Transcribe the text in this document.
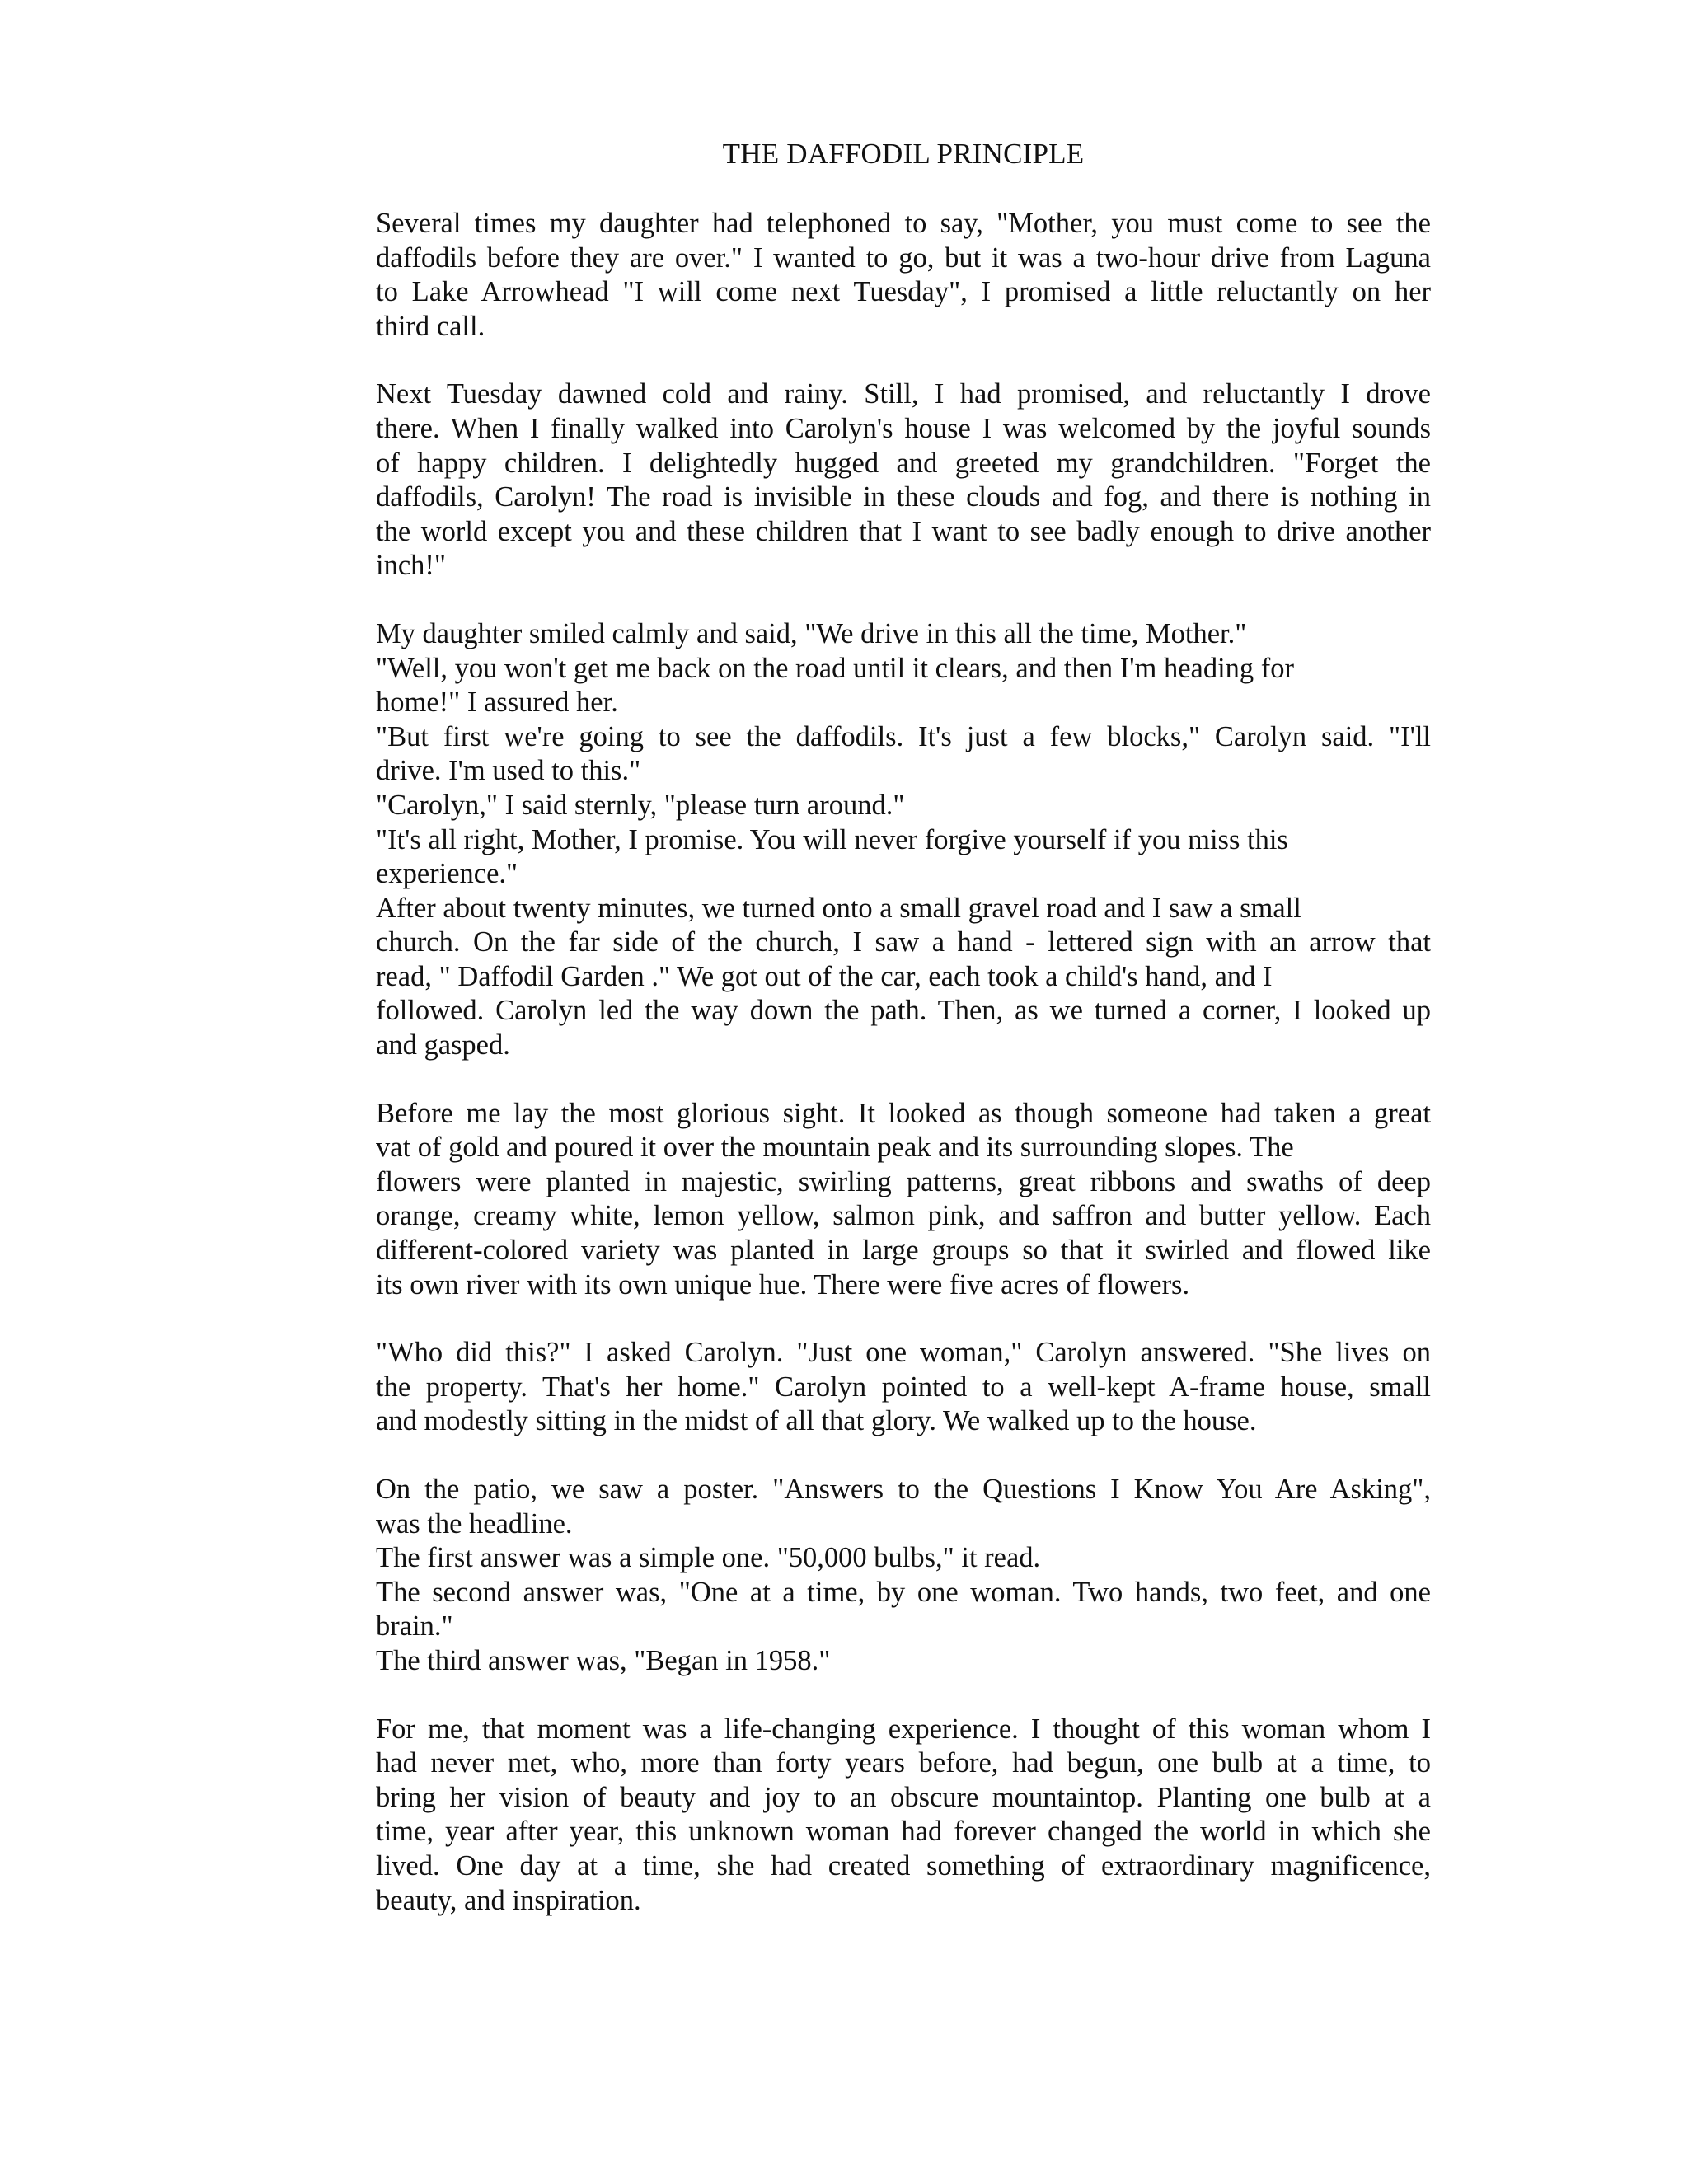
THE DAFFODIL PRINCIPLE
Several times my daughter had telephoned to say, "Mother, you must come to see the
daffodils before they are over." I wanted to go, but it was a two-hour drive from Laguna
to Lake Arrowhead "I will come next Tuesday", I promised a little reluctantly on her
third call.
Next Tuesday dawned cold and rainy. Still, I had promised, and reluctantly I drove
there. When I finally walked into Carolyn's house I was welcomed by the joyful sounds
of happy children. I delightedly hugged and greeted my grandchildren. "Forget the
daffodils, Carolyn! The road is invisible in these clouds and fog, and there is nothing in
the world except you and these children that I want to see badly enough to drive another
inch!"
My daughter smiled calmly and said, "We drive in this all the time, Mother."
"Well, you won't get me back on the road until it clears, and then I'm heading for
home!" I assured her.
"But first we're going to see the daffodils. It's just a few blocks," Carolyn said. "I'll
drive. I'm used to this."
"Carolyn," I said sternly, "please turn around."
"It's all right, Mother, I promise. You will never forgive yourself if you miss this
experience."
After about twenty minutes, we turned onto a small gravel road and I saw a small
church. On the far side of the church, I saw a hand - lettered sign with an arrow that
read, " Daffodil Garden ." We got out of the car, each took a child's hand, and I
followed. Carolyn led the way down the path. Then, as we turned a corner, I looked up
and gasped.
Before me lay the most glorious sight. It looked as though someone had taken a great
vat of gold and poured it over the mountain peak and its surrounding slopes. The
flowers were planted in majestic, swirling patterns, great ribbons and swaths of deep
orange, creamy white, lemon yellow, salmon pink, and saffron and butter yellow. Each
different-colored variety was planted in large groups so that it swirled and flowed like
its own river with its own unique hue. There were five acres of flowers.
"Who did this?" I asked Carolyn. "Just one woman," Carolyn answered. "She lives on
the property. That's her home." Carolyn pointed to a well-kept A-frame house, small
and modestly sitting in the midst of all that glory. We walked up to the house.
On the patio, we saw a poster. "Answers to the Questions I Know You Are Asking",
was the headline.
The first answer was a simple one. "50,000 bulbs," it read.
The second answer was, "One at a time, by one woman. Two hands, two feet, and one
brain."
The third answer was, "Began in 1958."
For me, that moment was a life-changing experience. I thought of this woman whom I
had never met, who, more than forty years before, had begun, one bulb at a time, to
bring her vision of beauty and joy to an obscure mountaintop. Planting one bulb at a
time, year after year, this unknown woman had forever changed the world in which she
lived. One day at a time, she had created something of extraordinary magnificence,
beauty, and inspiration.
